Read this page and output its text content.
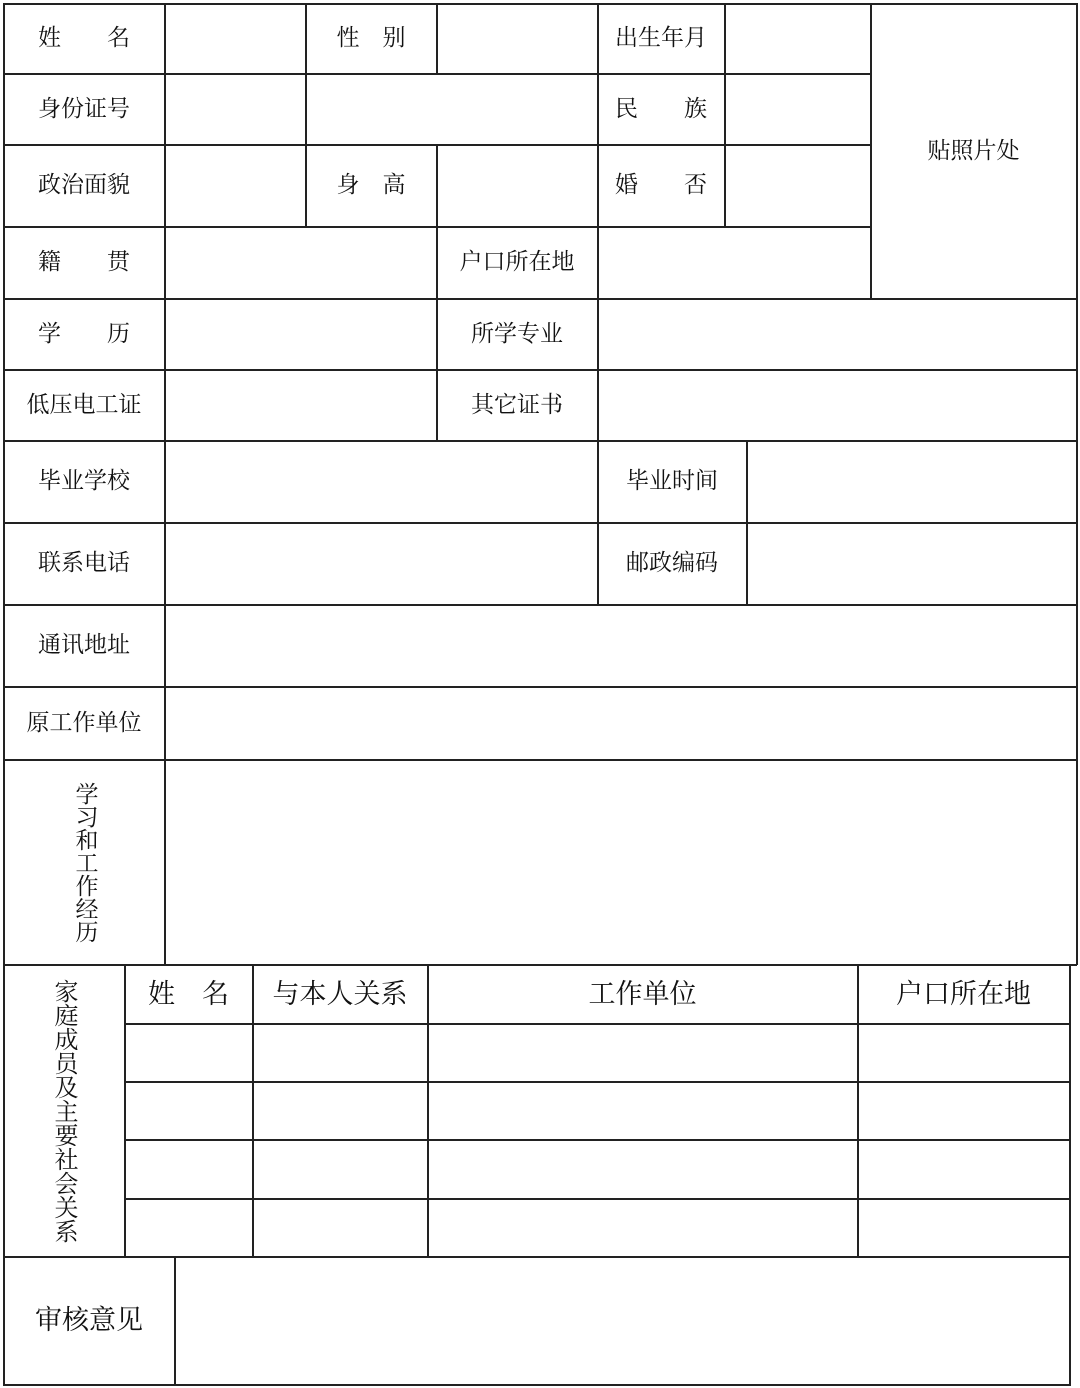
姓　　名	性　别	出生年月
贴照片处
身份证号	民　　族
政治面貌	身　高	婚　　否
籍　　贯	户口所在地
学　　历	所学专业
低压电工证	其它证书
毕业学校	毕业时间
联系电话	邮政编码
通讯地址
原工作单位
学习和工作经历
家庭成员及主要社会关系	姓　名	与本人关系	工作单位	户口所在地
审核意见
